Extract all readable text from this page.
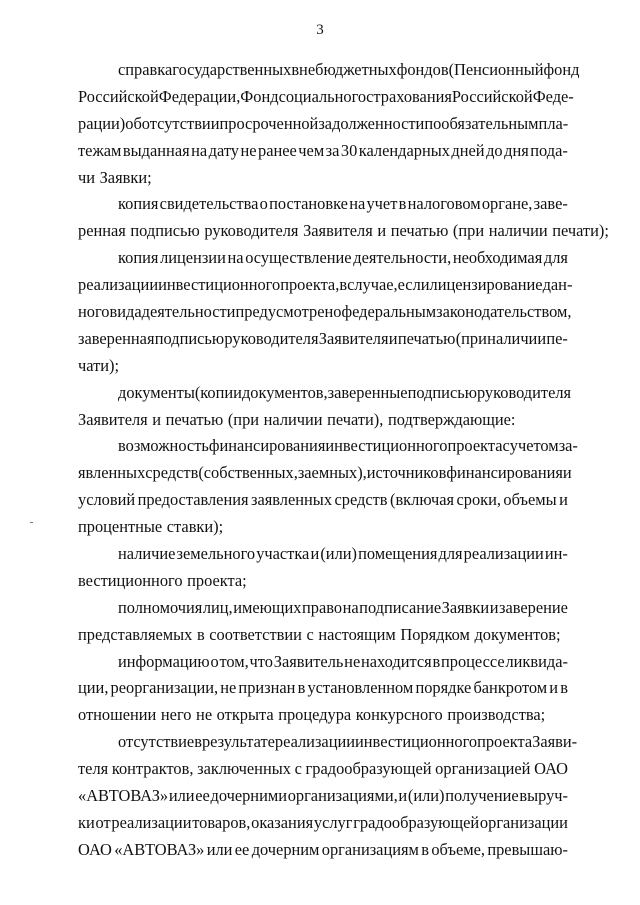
3
справка государственных внебюджетных фондов (Пенсионный фонд
Российской Федерации, Фонд социального страхования Российской Феде-
рации) об отсутствии просроченной задолженности по обязательным пла-
тежам выданная на дату не ранее чем за 30 календарных дней до дня пода-
чи Заявки;
копия свидетельства о постановке на учет в налоговом органе, завe-
ренная подписью руководителя Заявителя и печатью (при наличии печати);
копия лицензии на осуществление деятельности, необходимая для
реализации инвестиционного проекта, в случае, если лицензирование дан-
ного вида деятельности предусмотрено федеральным законодательством,
заверенная подписью руководителя Заявителя и печатью (при наличии пе-
чати);
документы (копии документов, заверенные подписью руководителя
Заявителя и печатью (при наличии печати), подтверждающие:
возможность финансирования инвестиционного проекта с учетом за-
явленных средств (собственных, заемных), источников финансирования и
условий предоставления заявленных средств (включая сроки, объемы и
процентные ставки);
наличие земельного участка и (или) помещения для реализации ин-
вестиционного проекта;
полномочия лиц, имеющих право на подписание Заявки и заверение
представляемых в соответствии с настоящим Порядком документов;
информацию о том, что Заявитель не находится в процессе ликвида-
ции, реорганизации, не признан в установленном порядке банкротом и в
отношении него не открыта процедура конкурсного производства;
отсутствие в результате реализации инвестиционного проекта Заяви-
теля контрактов, заключенных с градообразующей организацией ОАО
«АВТОВАЗ» или ее дочерними организациями, и (или) получение выруч-
ки от реализации товаров, оказания услуг градообразующей организации
ОАО «АВТОВАЗ» или ее дочерним организациям в объеме, превышаю-
